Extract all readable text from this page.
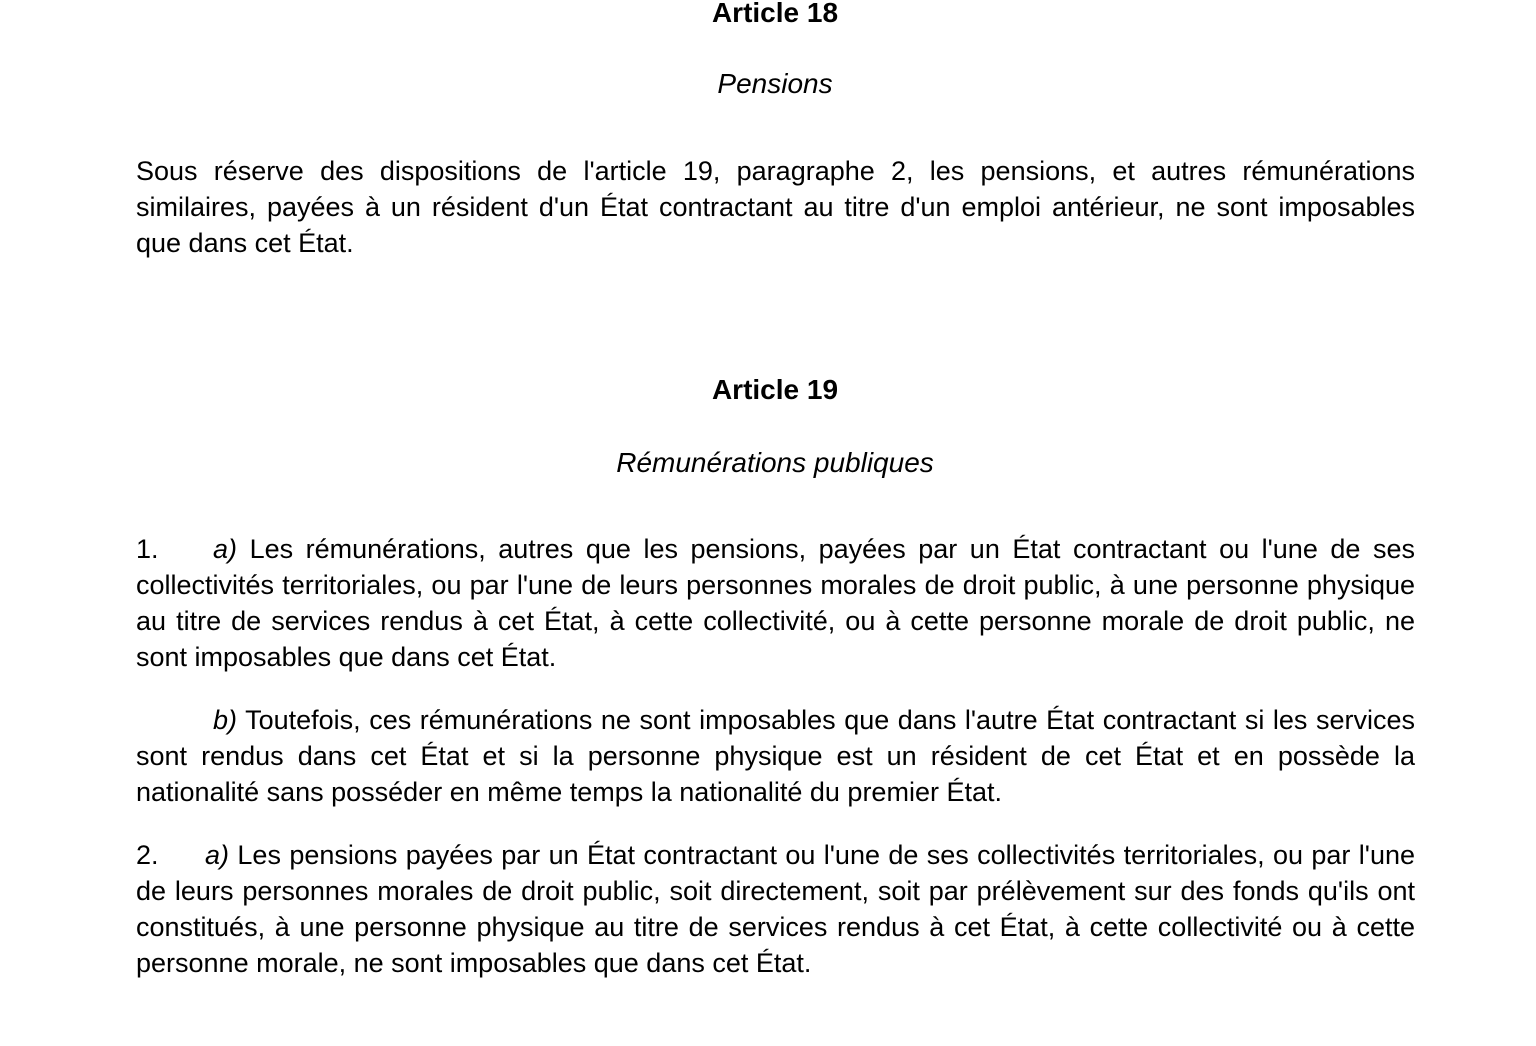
Article 18
Pensions

Sous réserve des dispositions de l'article 19, paragraphe 2, les pensions, et autres rémunérations similaires, payées à un résident d'un État contractant au titre d'un emploi antérieur, ne sont imposables que dans cet État.

Article 19
Rémunérations publiques

1. a) Les rémunérations, autres que les pensions, payées par un État contractant ou l'une de ses collectivités territoriales, ou par l'une de leurs personnes morales de droit public, à une personne physique au titre de services rendus à cet État, à cette collectivité, ou à cette personne morale de droit public, ne sont imposables que dans cet État.

b) Toutefois, ces rémunérations ne sont imposables que dans l'autre État contractant si les services sont rendus dans cet État et si la personne physique est un résident de cet État et en possède la nationalité sans posséder en même temps la nationalité du premier État.

2. a) Les pensions payées par un État contractant ou l'une de ses collectivités territoriales, ou par l'une de leurs personnes morales de droit public, soit directement, soit par prélèvement sur des fonds qu'ils ont constitués, à une personne physique au titre de services rendus à cet État, à cette collectivité ou à cette personne morale, ne sont imposables que dans cet État.
